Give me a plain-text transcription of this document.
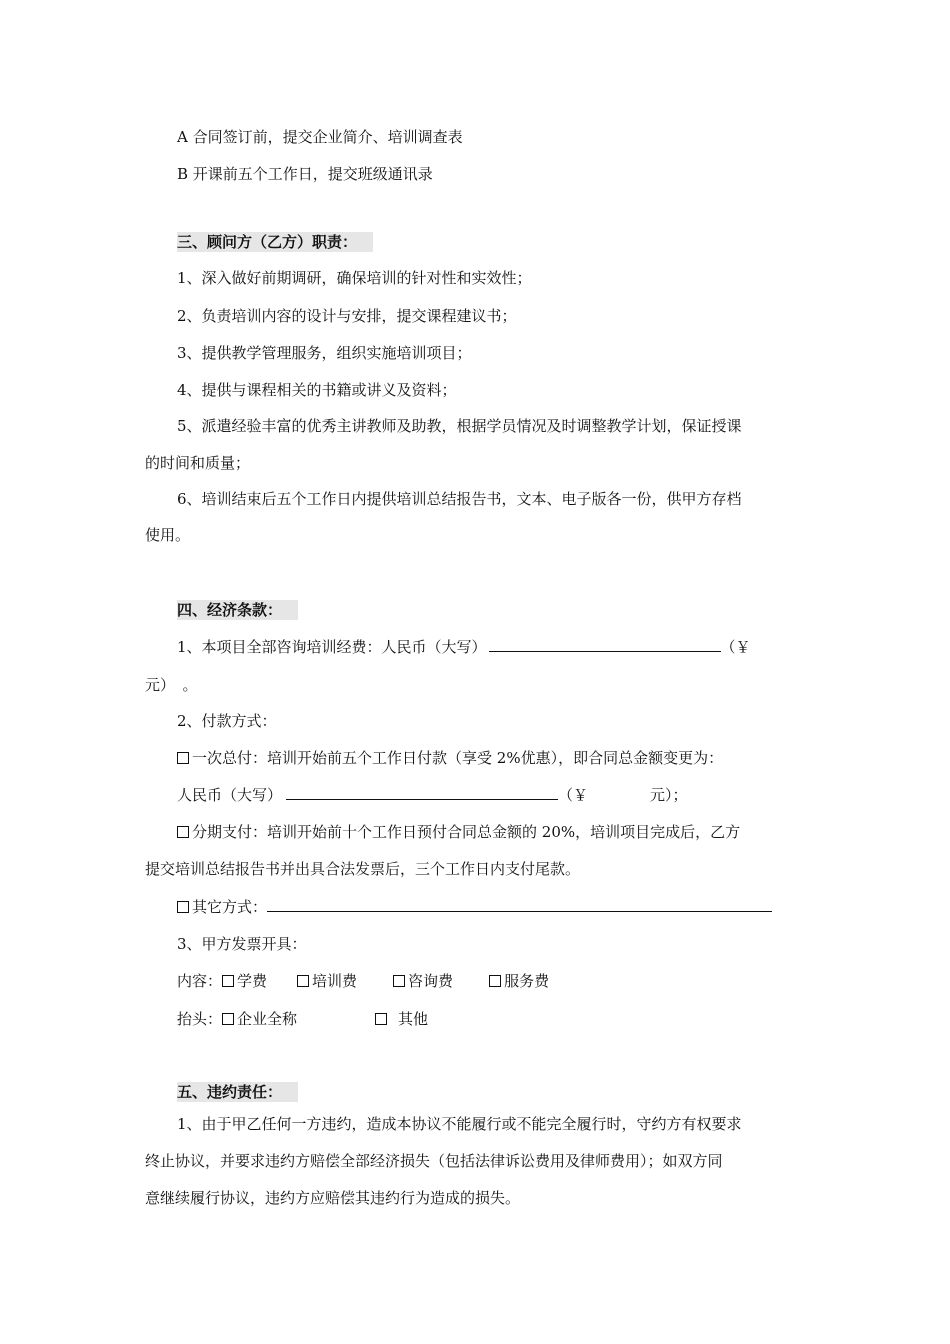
A 合同签订前，提交企业简介、培训调查表
B 开课前五个工作日，提交班级通讯录
三、顾问方（乙方）职责：
1、深入做好前期调研，确保培训的针对性和实效性；
2、负责培训内容的设计与安排，提交课程建议书；
3、提供教学管理服务，组织实施培训项目；
4、提供与课程相关的书籍或讲义及资料；
5、派遣经验丰富的优秀主讲教师及助教，根据学员情况及时调整教学计划，保证授课
的时间和质量；
6、培训结束后五个工作日内提供培训总结报告书，文本、电子版各一份，供甲方存档
使用。
四、经济条款：
1、本项目全部咨询培训经费：人民币（大写）	（￥
元）　。
2、付款方式：
一次总付：培训开始前五个工作日付款（享受 2%优惠），即合同总金额变更为：
人民币（大写）	（￥	元）；
分期支付：培训开始前十个工作日预付合同总金额的 20%，培训项目完成后，乙方
提交培训总结报告书并出具合法发票后，三个工作日内支付尾款。
其它方式：
3、甲方发票开具：
内容： 学费	培训费	咨询费	服务费
抬头： 企业全称	其他
五、违约责任：
1、由于甲乙任何一方违约，造成本协议不能履行或不能完全履行时，守约方有权要求
终止协议，并要求违约方赔偿全部经济损失（包括法律诉讼费用及律师费用）；如双方同
意继续履行协议，违约方应赔偿其违约行为造成的损失。
